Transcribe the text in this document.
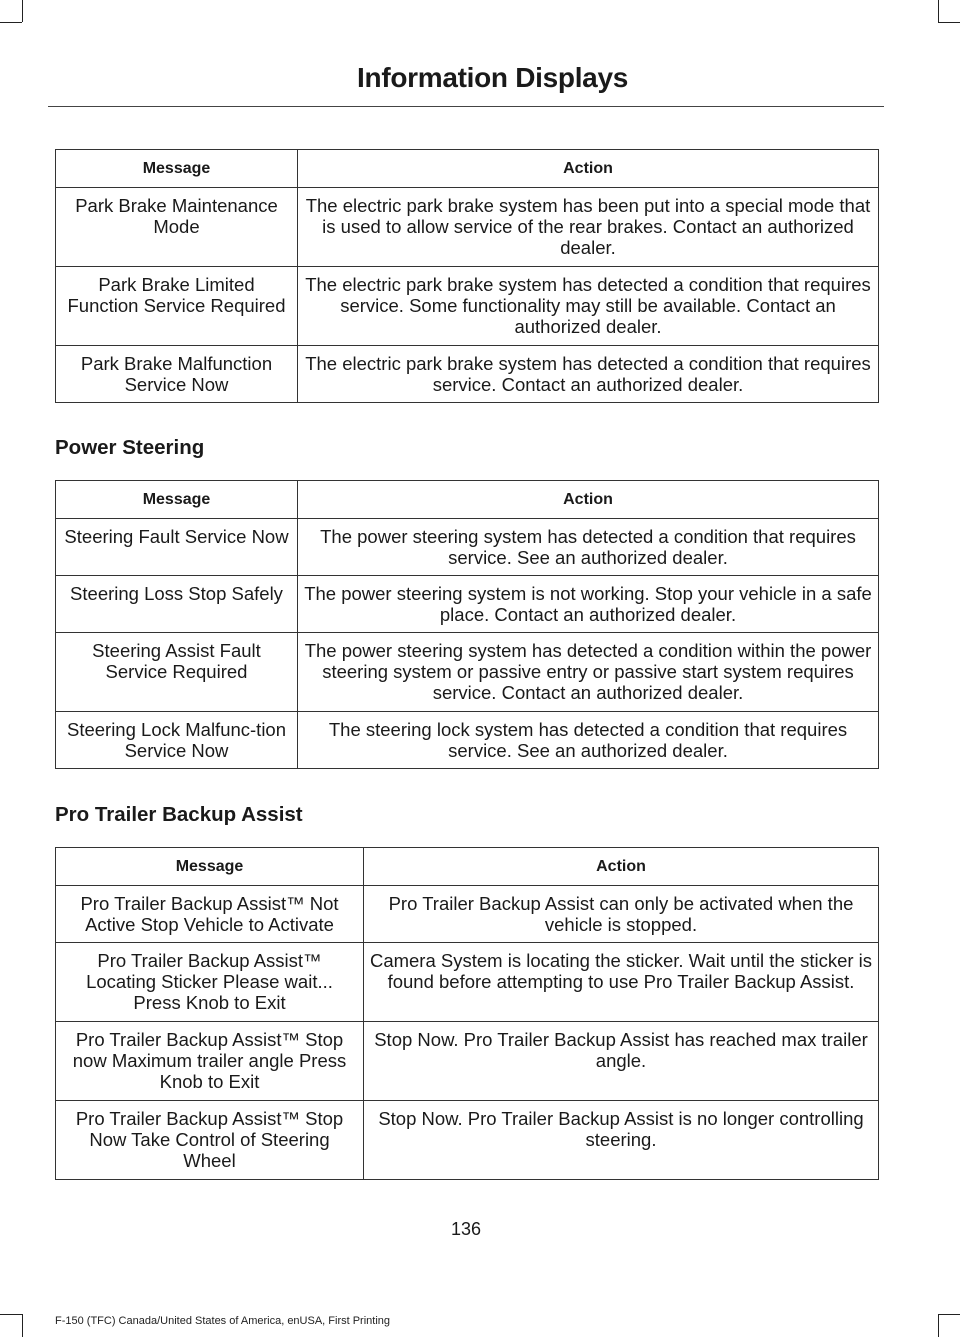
Information Displays
Message	Action
Park Brake Maintenance Mode	The electric park brake system has been put into a special mode that is used to allow service of the rear brakes. Contact an authorized dealer.
Park Brake Limited Function Service Required	The electric park brake system has detected a condition that requires service. Some functionality may still be available. Contact an authorized dealer.
Park Brake Malfunction Service Now	The electric park brake system has detected a condition that requires service. Contact an authorized dealer.
Power Steering
Message	Action
Steering Fault Service Now	The power steering system has detected a condition that requires service. See an authorized dealer.
Steering Loss Stop Safely	The power steering system is not working. Stop your vehicle in a safe place. Contact an authorized dealer.
Steering Assist Fault Service Required	The power steering system has detected a condition within the power steering system or passive entry or passive start system requires service. Contact an authorized dealer.
Steering Lock Malfunc-tion Service Now	The steering lock system has detected a condition that requires service. See an authorized dealer.
Pro Trailer Backup Assist
Message	Action
Pro Trailer Backup Assist™ Not Active Stop Vehicle to Activate	Pro Trailer Backup Assist can only be activated when the vehicle is stopped.
Pro Trailer Backup Assist™ Locating Sticker Please wait... Press Knob to Exit	Camera System is locating the sticker. Wait until the sticker is found before attempting to use Pro Trailer Backup Assist.
Pro Trailer Backup Assist™ Stop now Maximum trailer angle Press Knob to Exit	Stop Now. Pro Trailer Backup Assist has reached max trailer angle.
Pro Trailer Backup Assist™ Stop Now Take Control of Steering Wheel	Stop Now. Pro Trailer Backup Assist is no longer controlling steering.
136
F-150 (TFC) Canada/United States of America, enUSA, First Printing
